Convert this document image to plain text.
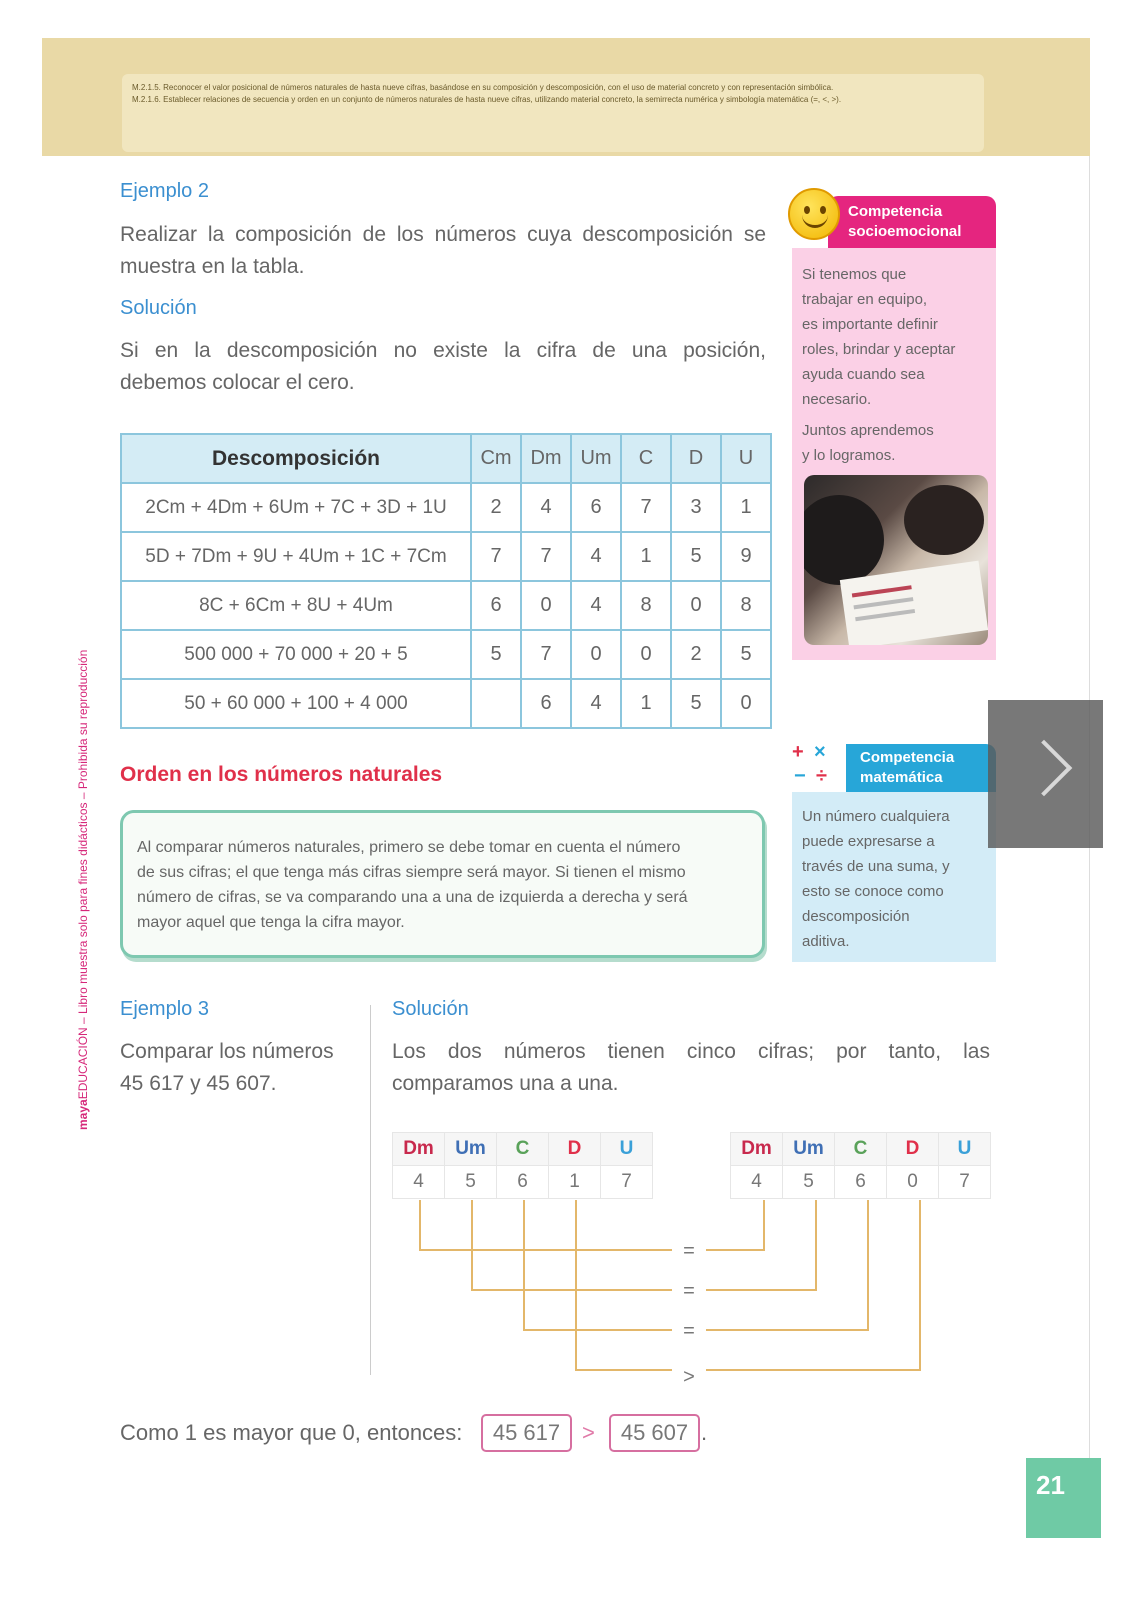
M.2.1.5. Reconocer el valor posicional de números naturales de hasta nueve cifras, basándose en su composición y descomposición, con el uso de material concreto y con representación simbólica.

M.2.1.6. Establecer relaciones de secuencia y orden en un conjunto de números naturales de hasta nueve cifras, utilizando material concreto, la semirrecta numérica y simbología matemática (=, <, >).

mayaEDUCACIÓN – Libro muestra solo para fines didácticos – Prohibida su reproducción
Ejemplo 2
Realizar la composición de los números cuya descomposición se
muestra en la tabla.
Solución
Si en la descomposición no existe la cifra de una posición,
debemos colocar el cero.
Descomposición	Cm	Dm	Um	C	D	U
2Cm + 4Dm + 6Um + 7C + 3D + 1U	2	4	6	7	3	1
5D + 7Dm + 9U + 4Um + 1C + 7Cm	7	7	4	1	5	9
8C + 6Cm + 8U + 4Um	6	0	4	8	0	8
500 000 + 70 000 + 20 + 5	5	7	0	0	2	5
50 + 60 000 + 100 + 4 000		6	4	1	5	0
Orden en los números naturales
Al comparar números naturales, primero se debe tomar en cuenta el número
de sus cifras; el que tenga más cifras siempre será mayor. Si tienen el mismo
número de cifras, se va comparando una a una de izquierda a derecha y será
mayor aquel que tenga la cifra mayor.
Competencia
socioemocional
Si tenemos que
trabajar en equipo,
es importante definir
roles, brindar y aceptar
ayuda cuando sea
necesario.
Juntos aprendemos
y lo logramos.
+ ×
− ÷
Competencia
matemática
Un número cualquiera
puede expresarse a
través de una suma, y
esto se conoce como
descomposición
aditiva.
Ejemplo 3
Comparar los números
45 617 y 45 607.
Solución
Los dos números tienen cinco cifras; por tanto, las
comparamos una a una.
Dm	Um	C	D	U
4	5	6	1	7
Dm	Um	C	D	U
4	5	6	0	7
=
=
=
>
Como 1 es mayor que 0, entonces:	45 617 >	45 607 .
21
